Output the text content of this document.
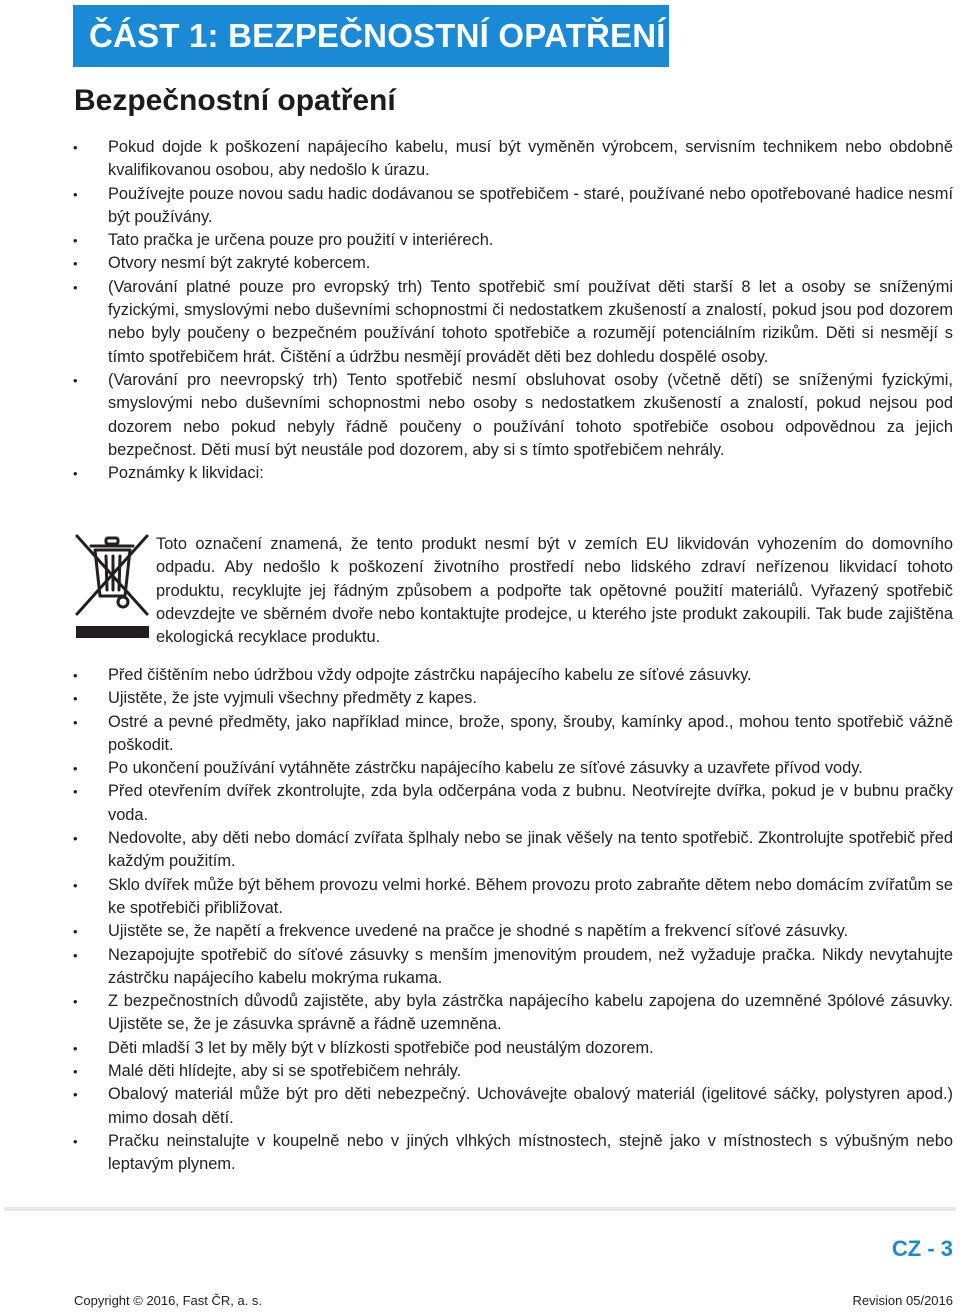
ČÁST 1: BEZPEČNOSTNÍ OPATŘENÍ
Bezpečnostní opatření
• Pokud dojde k poškození napájecího kabelu, musí být vyměněn výrobcem, servisním technikem nebo obdobně kvalifikovanou osobou, aby nedošlo k úrazu.
• Používejte pouze novou sadu hadic dodávanou se spotřebičem - staré, používané nebo opotřebované hadice nesmí být používány.
• Tato pračka je určena pouze pro použití v interiérech.
• Otvory nesmí být zakryté kobercem.
• (Varování platné pouze pro evropský trh) Tento spotřebič smí používat děti starší 8 let a osoby se sníženými fyzickými, smyslovými nebo duševními schopnostmi či nedostatkem zkušeností a znalostí, pokud jsou pod dozorem nebo byly poučeny o bezpečném používání tohoto spotřebiče a rozumějí potenciálním rizikům. Děti si nesmějí s tímto spotřebičem hrát. Čištění a údržbu nesmějí provádět děti bez dohledu dospělé osoby.
• (Varování pro neevropský trh) Tento spotřebič nesmí obsluhovat osoby (včetně dětí) se sníženými fyzickými, smyslovými nebo duševními schopnostmi nebo osoby s nedostatkem zkušeností a znalostí, pokud nejsou pod dozorem nebo pokud nebyly řádně poučeny o používání tohoto spotřebiče osobou odpovědnou za jejich bezpečnost. Děti musí být neustále pod dozorem, aby si s tímto spotřebičem nehrály.
• Poznámky k likvidaci:

Toto označení znamená, že tento produkt nesmí být v zemích EU likvidován vyhozením do domovního odpadu. Aby nedošlo k poškození životního prostředí nebo lidského zdraví neřízenou likvidací tohoto produktu, recyklujte jej řádným způsobem a podpořte tak opětovné použití materiálů. Vyřazený spotřebič odevzdejte ve sběrném dvoře nebo kontaktujte prodejce, u kterého jste produkt zakoupili. Tak bude zajištěna ekologická recyklace produktu.

• Před čištěním nebo údržbou vždy odpojte zástrčku napájecího kabelu ze síťové zásuvky.
• Ujistěte, že jste vyjmuli všechny předměty z kapes.
• Ostré a pevné předměty, jako například mince, brože, spony, šrouby, kamínky apod., mohou tento spotřebič vážně poškodit.
• Po ukončení používání vytáhněte zástrčku napájecího kabelu ze síťové zásuvky a uzavřete přívod vody.
• Před otevřením dvířek zkontrolujte, zda byla odčerpána voda z bubnu. Neotvírejte dvířka, pokud je v bubnu pračky voda.
• Nedovolte, aby děti nebo domácí zvířata šplhaly nebo se jinak věšely na tento spotřebič. Zkontrolujte spotřebič před každým použitím.
• Sklo dvířek může být během provozu velmi horké. Během provozu proto zabraňte dětem nebo domácím zvířatům se ke spotřebiči přibližovat.
• Ujistěte se, že napětí a frekvence uvedené na pračce je shodné s napětím a frekvencí síťové zásuvky.
• Nezapojujte spotřebič do síťové zásuvky s menším jmenovitým proudem, než vyžaduje pračka. Nikdy nevytahujte zástrčku napájecího kabelu mokrýma rukama.
• Z bezpečnostních důvodů zajistěte, aby byla zástrčka napájecího kabelu zapojena do uzemněné 3pólové zásuvky. Ujistěte se, že je zásuvka správně a řádně uzemněna.
• Děti mladší 3 let by měly být v blízkosti spotřebiče pod neustálým dozorem.
• Malé děti hlídejte, aby si se spotřebičem nehrály.
• Obalový materiál může být pro děti nebezpečný. Uchovávejte obalový materiál (igelitové sáčky, polystyren apod.) mimo dosah dětí.
• Pračku neinstalujte v koupelně nebo v jiných vlhkých místnostech, stejně jako v místnostech s výbušným nebo leptavým plynem.
CZ - 3
Copyright © 2016, Fast ČR, a. s.	Revision 05/2016
